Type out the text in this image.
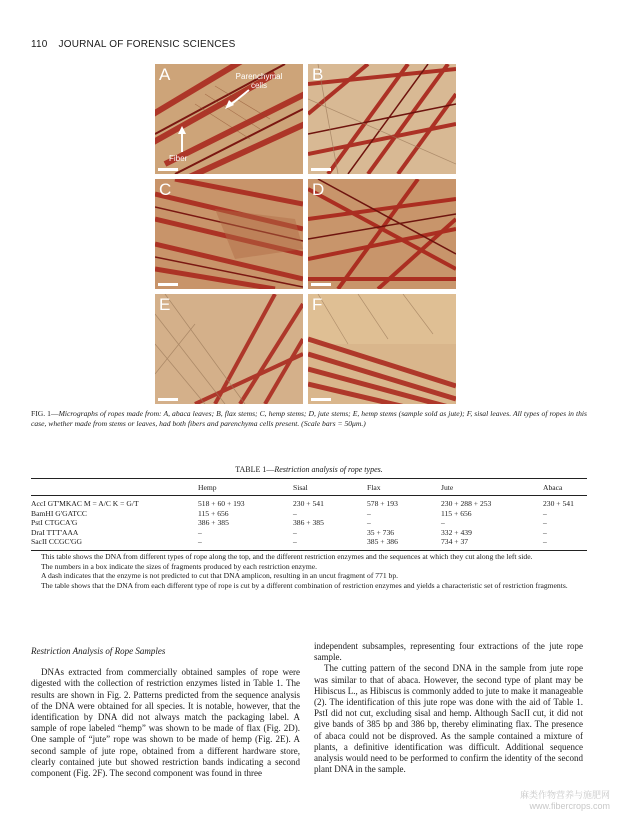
110 JOURNAL OF FORENSIC SCIENCES
A	Parenchymal
cells
Fiber
B
C	D
E	F
FIG. 1—Micrographs of ropes made from: A, abaca leaves; B, flax stems; C, hemp stems; D, jute stems; E, hemp stems (sample sold as jute); F, sisal leaves. All types of ropes in this case, whether made from stems or leaves, had both fibers and parenchyma cells present. (Scale bars = 50μm.)
TABLE 1—Restriction analysis of rope types.
	Hemp	Sisal	Flax	Jute	Abaca
AccI GT'MKAC M = A/C K = G/T	518 + 60 + 193	230 + 541	578 + 193	230 + 288 + 253	230 + 541
BamHI G'GATCC	115 + 656	–	–	115 + 656	–
PstI CTGCA'G	386 + 385	386 + 385	–	–	–
DraI TTT'AAA	–	–	35 + 736	332 + 439	–
SacII CCGC'GG	–	–	385 + 386	734 + 37	–

This table shows the DNA from different types of rope along the top, and the different restriction enzymes and the sequences at which they cut along the left side.

The numbers in a box indicate the sizes of fragments produced by each restriction enzyme.

A dash indicates that the enzyme is not predicted to cut that DNA amplicon, resulting in an uncut fragment of 771 bp.

The table shows that the DNA from each different type of rope is cut by a different combination of restriction enzymes and yields a characteristic set of restriction fragments.

Restriction Analysis of Rope Samples

DNAs extracted from commercially obtained samples of rope were digested with the collection of restriction enzymes listed in Table 1. The results are shown in Fig. 2. Patterns predicted from the sequence analysis of the DNA were obtained for all species. It is notable, however, that the identification by DNA did not always match the packaging label. A sample of rope labeled “hemp” was shown to be made of flax (Fig. 2D). One sample of “jute” rope was shown to be made of hemp (Fig. 2E). A second sample of jute rope, obtained from a different hardware store, clearly contained jute but showed restriction bands indicating a second component (Fig. 2F). The second component was found in three

independent subsamples, representing four extractions of the jute rope sample.

The cutting pattern of the second DNA in the sample from jute rope was similar to that of abaca. However, the second type of plant may be Hibiscus L., as Hibiscus is commonly added to jute to make it manageable (2). The identification of this jute rope was done with the aid of Table 1. PstI did not cut, excluding sisal and hemp. Although SacII cut, it did not give bands of 385 bp and 386 bp, thereby eliminating flax. The presence of abaca could not be disproved. As the sample contained a mixture of plants, a definitive identification was difficult. Additional sequence analysis would need to be performed to confirm the identity of the second plant DNA in the sample.

麻类作物营养与施肥网
www.fibercrops.com
